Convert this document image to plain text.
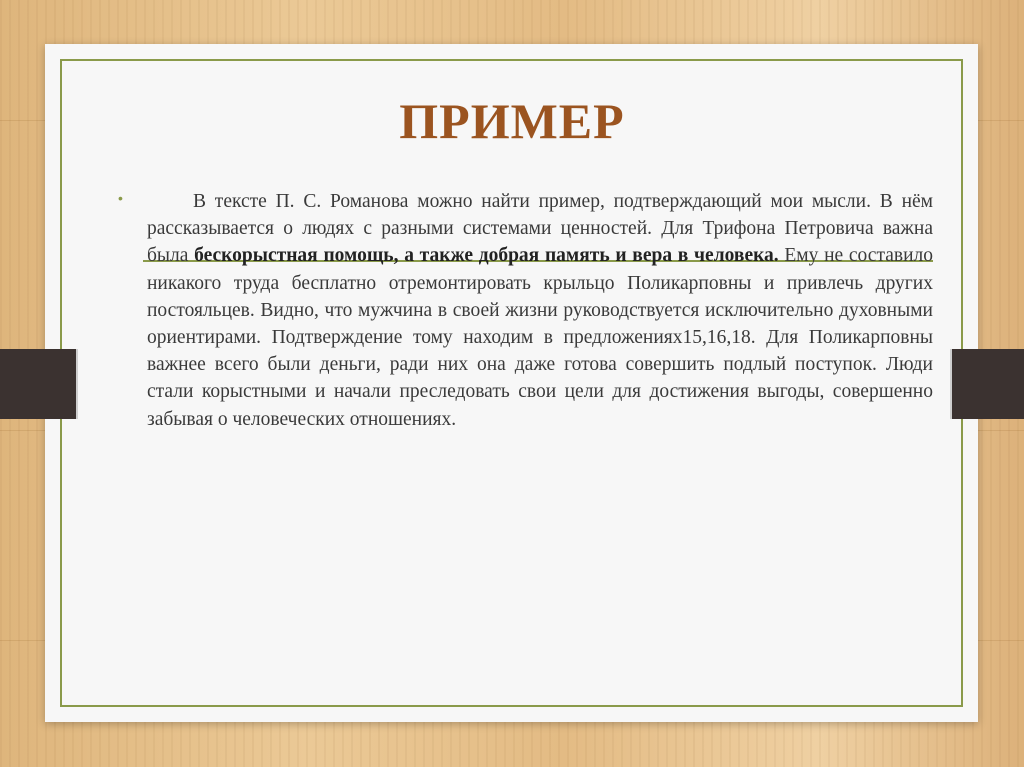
ПРИМЕР
•	В тексте П. С. Романова можно найти пример, подтверждающий мои мысли. В нём рассказывается о людях с разными системами ценностей. Для Трифона Петровича важна была бескорыстная помощь, а также добрая память и вера в человека. Ему не составило никакого труда бесплатно отремонтировать крыльцо Поликарповны и привлечь других постояльцев. Видно, что мужчина в своей жизни руководствуется исключительно духовными ориентирами. Подтверждение тому находим в предложениях15,16,18. Для Поликарповны важнее всего были деньги, ради них она даже готова совершить подлый поступок. Люди стали корыстными и начали преследовать свои цели для достижения выгоды, совершенно забывая о человеческих отношениях.
